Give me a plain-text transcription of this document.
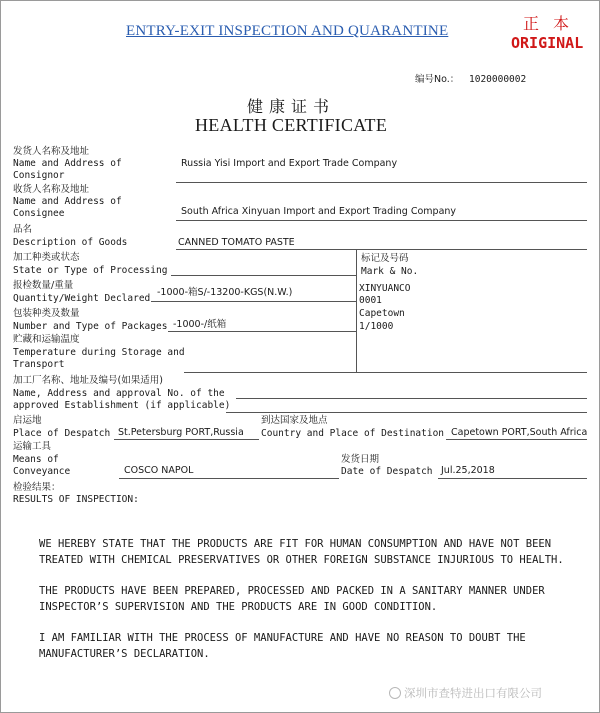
ENTRY-EXIT INSPECTION AND QUARANTINE	正本
ORIGINAL
编号No.： 1020000002
健康证书
HEALTH CERTIFICATE
发货人名称及地址
Name and Address of
Consignor
Russia Yisi Import and Export Trade Company
收货人名称及地址
Name and Address of
Consignee	South Africa Xinyuan Import and Export Trading Company
品名
Description of Goods	CANNED TOMATO PASTE
标记及号码
Mark & No.
XINYUANCO
0001
Capetown
1/1000
加工种类或状态
State or Type of Processing
报检数量/重量
Quantity/Weight Declared
-1000-箱S/-13200-KGS(N.W.)
包装种类及数量
Number and Type of Packages -1000-/纸箱
贮藏和运输温度
Temperature during Storage and
Transport
加工厂名称、地址及编号(如果适用)
Name, Address and approval No. of the
approved Establishment (if applicable)
启运地
Place of Despatch St.Petersburg PORT,Russia
到达国家及地点
Country and Place of Destination Capetown PORT,South Africa
运输工具
Means of
Conveyance	COSCO NAPOL
发货日期
Date of Despatch Jul.25,2018
检验结果：
RESULTS OF INSPECTION:
WE HEREBY STATE THAT THE PRODUCTS ARE FIT FOR HUMAN CONSUMPTION AND HAVE NOT BEEN
TREATED WITH CHEMICAL PRESERVATIVES OR OTHER FOREIGN SUBSTANCE INJURIOUS TO HEALTH.
THE PRODUCTS HAVE BEEN PREPARED, PROCESSED AND PACKED IN A SANITARY MANNER UNDER
INSPECTOR’S SUPERVISION AND THE PRODUCTS ARE IN GOOD CONDITION.
I AM FAMILIAR WITH THE PROCESS OF MANUFACTURE AND HAVE NO REASON TO DOUBT THE
MANUFACTURER’S DECLARATION.
深圳市查特进出口有限公司
